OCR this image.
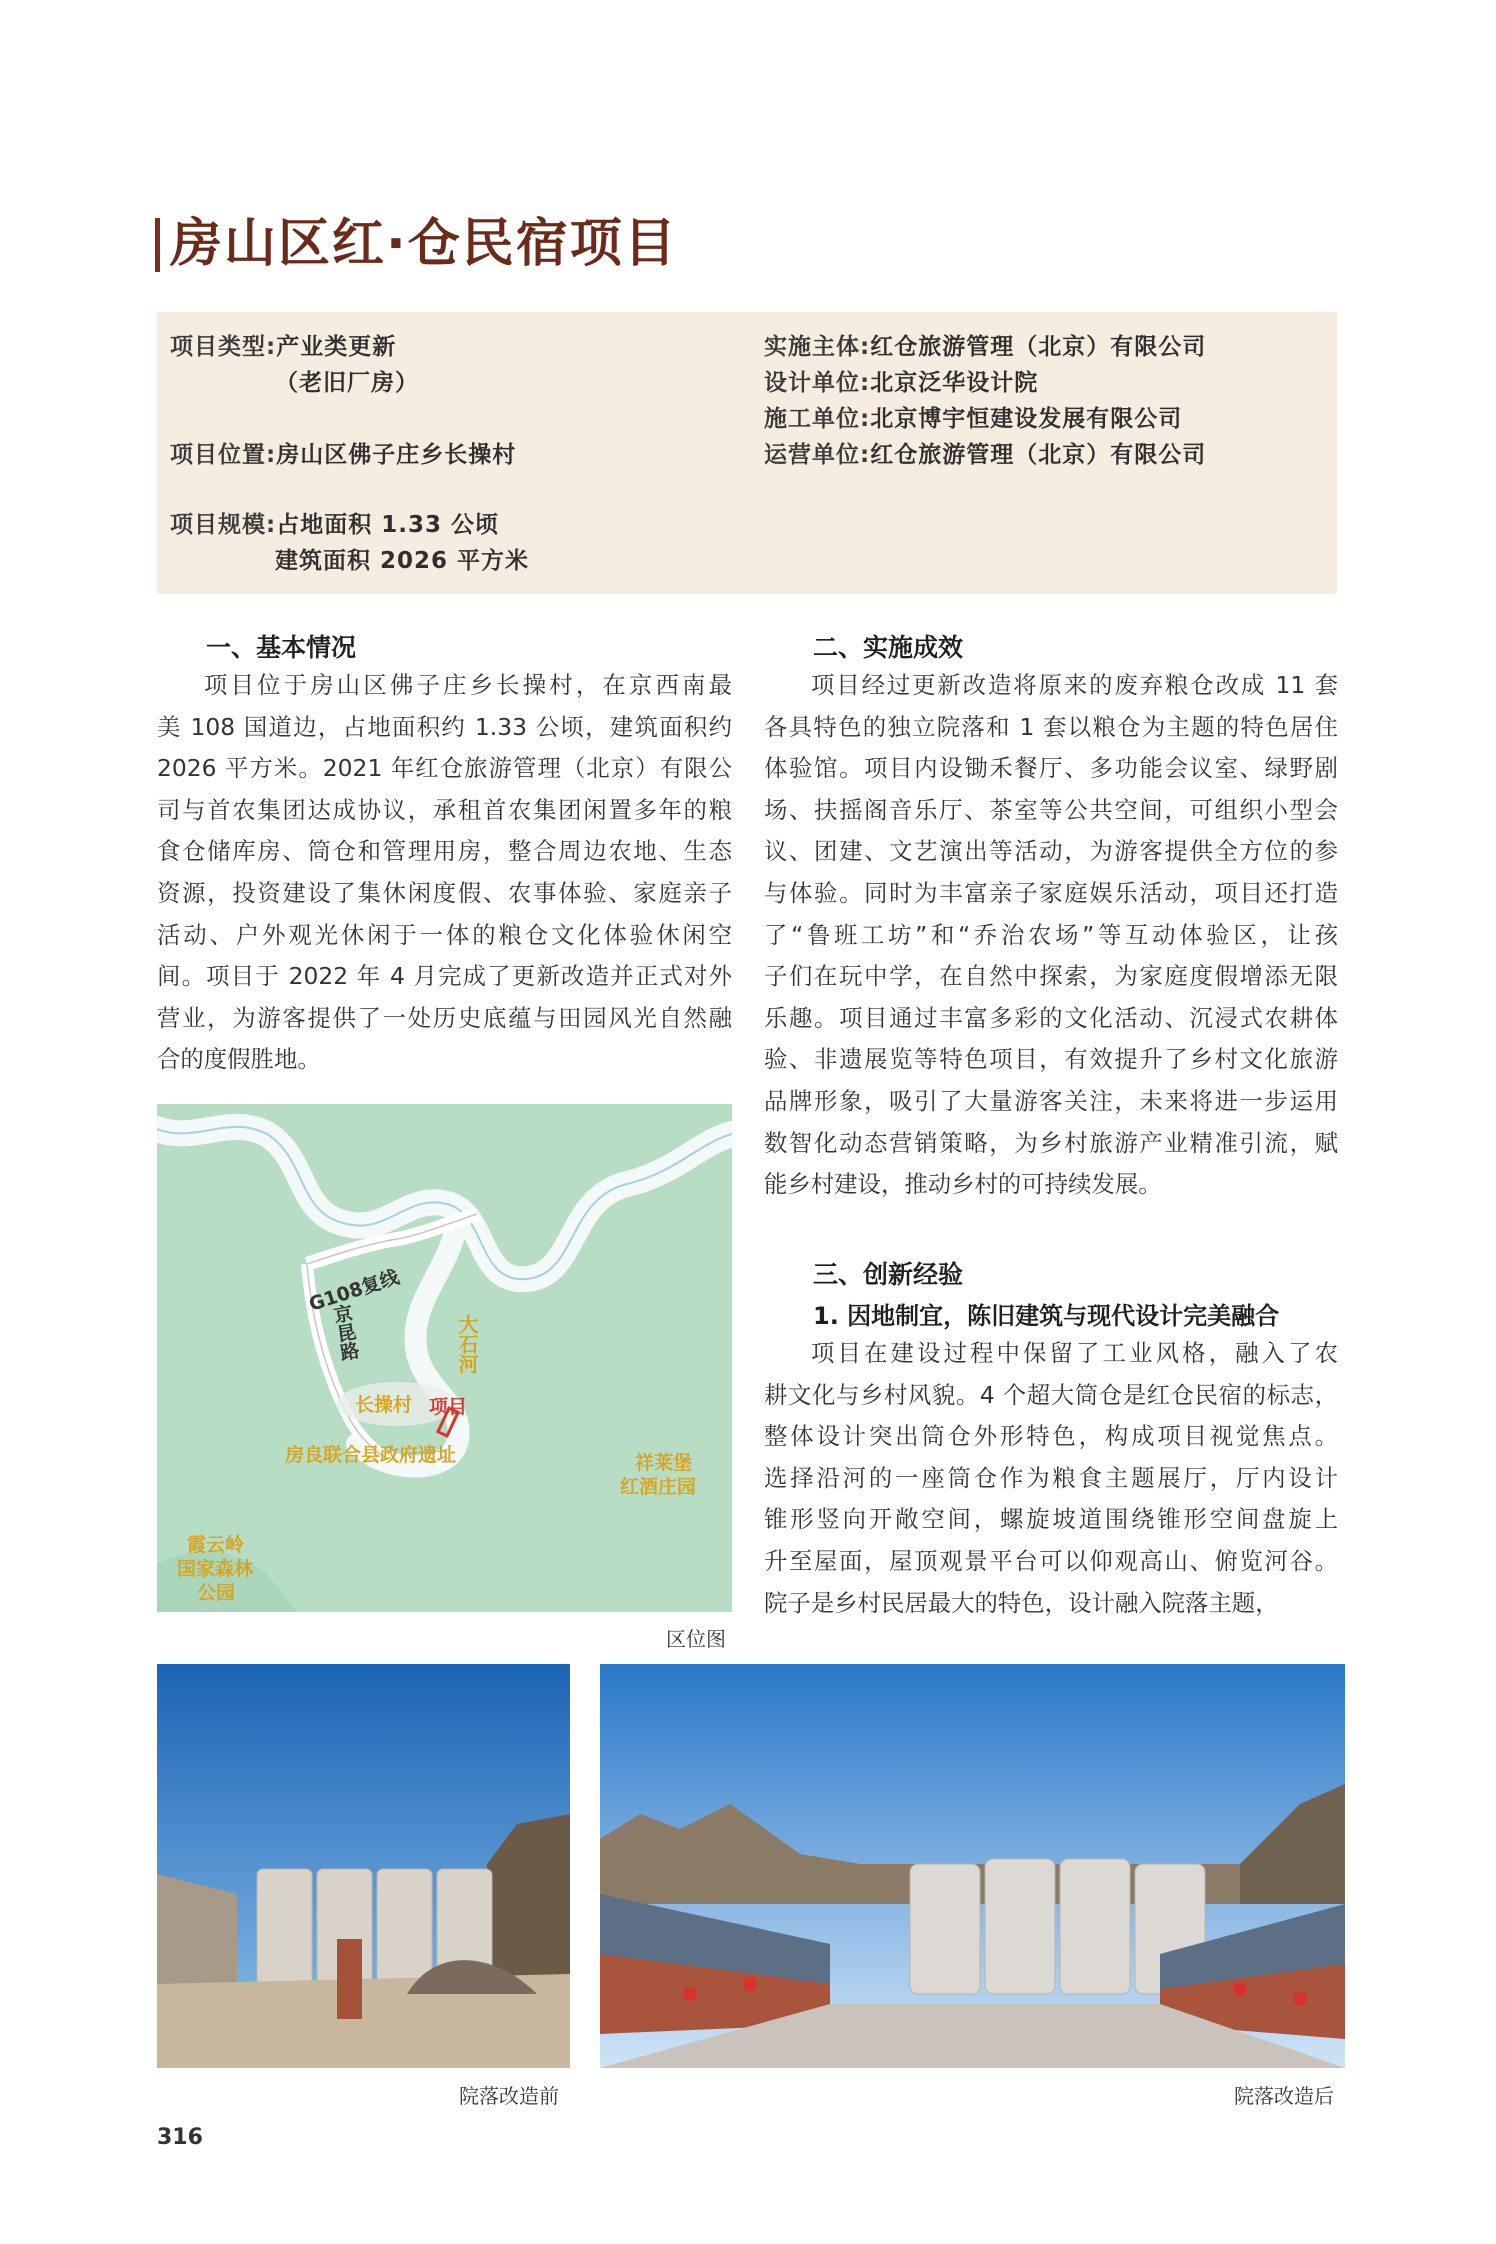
房山区红·仓民宿项目
项目类型:产业类更新
（老旧厂房）
项目位置:房山区佛子庄乡长操村
项目规模:占地面积 1.33 公顷
建筑面积 2026 平方米
实施主体:红仓旅游管理（北京）有限公司
设计单位:北京泛华设计院
施工单位:北京博宇恒建设发展有限公司
运营单位:红仓旅游管理（北京）有限公司
一、基本情况
项目位于房山区佛子庄乡长操村，在京西南最
美 108 国道边，占地面积约 1.33 公顷，建筑面积约
2026 平方米。2021 年红仓旅游管理（北京）有限公
司与首农集团达成协议，承租首农集团闲置多年的粮
食仓储库房、筒仓和管理用房，整合周边农地、生态
资源，投资建设了集休闲度假、农事体验、家庭亲子
活动、户外观光休闲于一体的粮仓文化体验休闲空
间。项目于 2022 年 4 月完成了更新改造并正式对外
营业，为游客提供了一处历史底蕴与田园风光自然融
合的度假胜地。
二、实施成效
项目经过更新改造将原来的废弃粮仓改成 11 套
各具特色的独立院落和 1 套以粮仓为主题的特色居住
体验馆。项目内设锄禾餐厅、多功能会议室、绿野剧
场、扶摇阁音乐厅、茶室等公共空间，可组织小型会
议、团建、文艺演出等活动，为游客提供全方位的参
与体验。同时为丰富亲子家庭娱乐活动，项目还打造
了“鲁班工坊”和“乔治农场”等互动体验区，让孩
子们在玩中学，在自然中探索，为家庭度假增添无限
乐趣。项目通过丰富多彩的文化活动、沉浸式农耕体
验、非遗展览等特色项目，有效提升了乡村文化旅游
品牌形象，吸引了大量游客关注，未来将进一步运用
数智化动态营销策略，为乡村旅游产业精准引流，赋
能乡村建设，推动乡村的可持续发展。
三、创新经验
1. 因地制宜，陈旧建筑与现代设计完美融合
项目在建设过程中保留了工业风格，融入了农
耕文化与乡村风貌。4 个超大筒仓是红仓民宿的标志，
整体设计突出筒仓外形特色，构成项目视觉焦点。
选择沿河的一座筒仓作为粮食主题展厅，厅内设计
锥形竖向开敞空间，螺旋坡道围绕锥形空间盘旋上
升至屋面，屋顶观景平台可以仰观高山、俯览河谷。
院子是乡村民居最大的特色，设计融入院落主题，
G108复线
京昆路	大石河
长操村 项目
房良联合县政府遗址	祥莱堡
红酒庄园
霞云岭
国家森林
公园
区位图
院落改造前	院落改造后
316
